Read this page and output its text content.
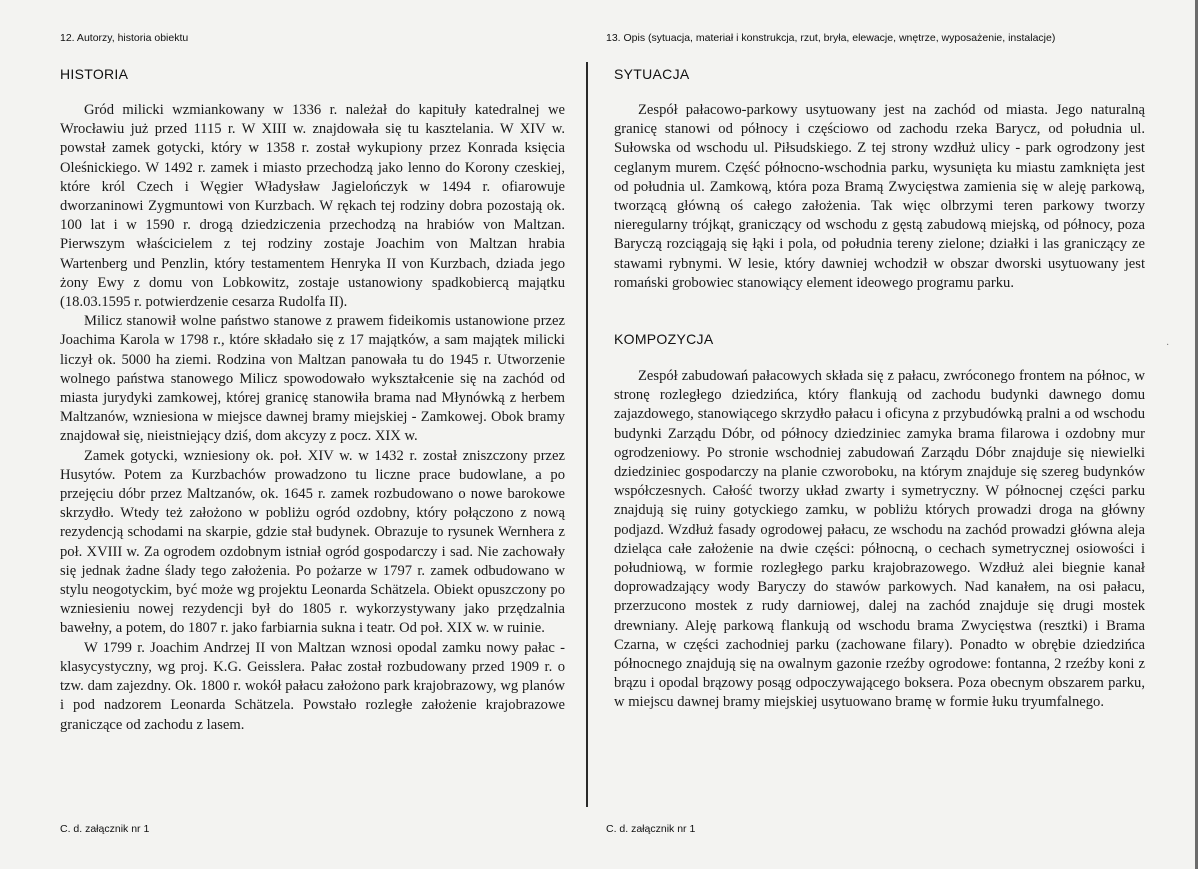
12. Autorzy, historia obiektu
HISTORIA

Gród milicki wzmiankowany w 1336 r. należał do kapituły katedralnej we Wrocławiu już przed 1115 r. W XIII w. znajdowała się tu kasztelania. W XIV w. powstał zamek gotycki, który w 1358 r. został wykupiony przez Konrada księcia Oleśnickiego. W 1492 r. zamek i miasto przechodzą jako lenno do Korony czeskiej, które król Czech i Węgier Władysław Jagielończyk w 1494 r. ofiarowuje dworzaninowi Zygmuntowi von Kurzbach. W rękach tej rodziny dobra pozostają ok. 100 lat i w 1590 r. drogą dziedziczenia przechodzą na hrabiów von Maltzan. Pierwszym właścicielem z tej rodziny zostaje Joachim von Maltzan hrabia Wartenberg und Penzlin, który testamentem Henryka II von Kurzbach, dziada jego żony Ewy z domu von Lobkowitz, zostaje ustanowiony spadkobiercą majątku (18.03.1595 r. potwierdzenie cesarza Rudolfa II).

Milicz stanowił wolne państwo stanowe z prawem fideikomis ustanowione przez Joachima Karola w 1798 r., które składało się z 17 majątków, a sam majątek milicki liczył ok. 5000 ha ziemi. Rodzina von Maltzan panowała tu do 1945 r. Utworzenie wolnego państwa stanowego Milicz spowodowało wykształcenie się na zachód od miasta jurydyki zamkowej, której granicę stanowiła brama nad Młynówką z herbem Maltzanów, wzniesiona w miejsce dawnej bramy miejskiej - Zamkowej. Obok bramy znajdował się, nieistniejący dziś, dom akcyzy z pocz. XIX w.

Zamek gotycki, wzniesiony ok. poł. XIV w. w 1432 r. został zniszczony przez Husytów. Potem za Kurzbachów prowadzono tu liczne prace budowlane, a po przejęciu dóbr przez Maltzanów, ok. 1645 r. zamek rozbudowano o nowe barokowe skrzydło. Wtedy też założono w pobliżu ogród ozdobny, który połączono z nową rezydencją schodami na skarpie, gdzie stał budynek. Obrazuje to rysunek Wernhera z poł. XVIII w. Za ogrodem ozdobnym istniał ogród gospodarczy i sad. Nie zachowały się jednak żadne ślady tego założenia. Po pożarze w 1797 r. zamek odbudowano w stylu neogotyckim, być może wg projektu Leonarda Schätzela. Obiekt opuszczony po wzniesieniu nowej rezydencji był do 1805 r. wykorzystywany jako przędzalnia bawełny, a potem, do 1807 r. jako farbiarnia sukna i teatr. Od poł. XIX w. w ruinie.

W 1799 r. Joachim Andrzej II von Maltzan wznosi opodal zamku nowy pałac - klasycystyczny, wg proj. K.G. Geisslera. Pałac został rozbudowany przed 1909 r. o tzw. dam zajezdny. Ok. 1800 r. wokół pałacu założono park krajobrazowy, wg planów i pod nadzorem Leonarda Schätzela. Powstało rozległe założenie krajobrazowe graniczące od zachodu z lasem.

C. d. załącznik nr 1
13. Opis (sytuacja, materiał i konstrukcja, rzut, bryła, elewacje, wnętrze, wyposażenie, instalacje)
SYTUACJA

Zespół pałacowo-parkowy usytuowany jest na zachód od miasta. Jego naturalną granicę stanowi od północy i częściowo od zachodu rzeka Barycz, od południa ul. Sułowska od wschodu ul. Piłsudskiego. Z tej strony wzdłuż ulicy - park ogrodzony jest ceglanym murem. Część północno-wschodnia parku, wysunięta ku miastu zamknięta jest od południa ul. Zamkową, która poza Bramą Zwycięstwa zamienia się w aleję parkową, tworzącą główną oś całego założenia. Tak więc olbrzymi teren parkowy tworzy nieregularny trójkąt, graniczący od wschodu z gęstą zabudową miejską, od północy, poza Baryczą rozciągają się łąki i pola, od południa tereny zielone; działki i las graniczący ze stawami rybnymi. W lesie, który dawniej wchodził w obszar dworski usytuowany jest romański grobowiec stanowiący element ideowego programu parku.

KOMPOZYCJA

Zespół zabudowań pałacowych składa się z pałacu, zwróconego frontem na północ, w stronę rozległego dziedzińca, który flankują od zachodu budynki dawnego domu zajazdowego, stanowiącego skrzydło pałacu i oficyna z przybudówką pralni a od wschodu budynki Zarządu Dóbr, od północy dziedziniec zamyka brama filarowa i ozdobny mur ogrodzeniowy. Po stronie wschodniej zabudowań Zarządu Dóbr znajduje się niewielki dziedziniec gospodarczy na planie czworoboku, na którym znajduje się szereg budynków współczesnych. Całość tworzy układ zwarty i symetryczny. W północnej części parku znajdują się ruiny gotyckiego zamku, w pobliżu których prowadzi droga na główny podjazd. Wzdłuż fasady ogrodowej pałacu, ze wschodu na zachód prowadzi główna aleja dzieląca całe założenie na dwie części: północną, o cechach symetrycznej osiowości i południową, w formie rozległego parku krajobrazowego. Wzdłuż alei biegnie kanał doprowadzający wody Baryczy do stawów parkowych. Nad kanałem, na osi pałacu, przerzucono mostek z rudy darniowej, dalej na zachód znajduje się drugi mostek drewniany. Aleję parkową flankują od wschodu brama Zwycięstwa (resztki) i Brama Czarna, w części zachodniej parku (zachowane filary). Ponadto w obrębie dziedzińca północnego znajdują się na owalnym gazonie rzeźby ogrodowe: fontanna, 2 rzeźby koni z brązu i opodal brązowy posąg odpoczywającego boksera. Poza obecnym obszarem parku, w miejscu dawnej bramy miejskiej usytuowano bramę w formie łuku tryumfalnego.

C. d. załącznik nr 1
·
